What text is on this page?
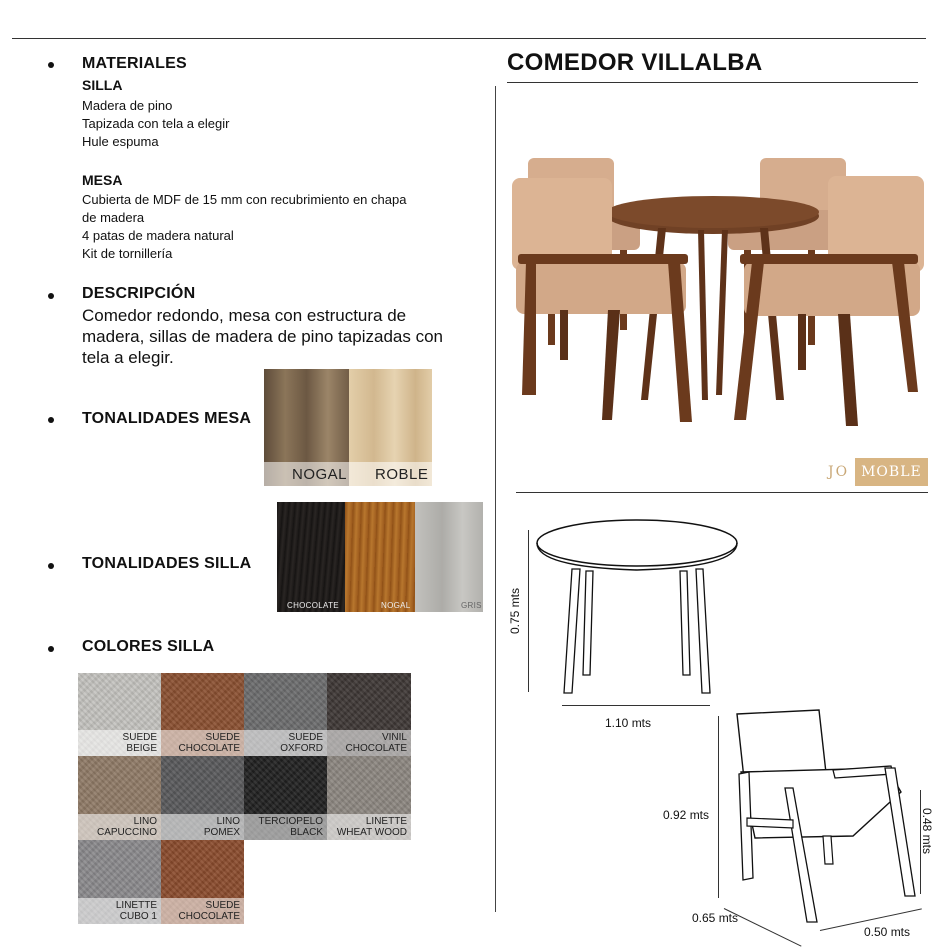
MATERIALES
SILLA
Madera de pino
Tapizada con tela a elegir
Hule espuma
MESA
Cubierta de MDF de 15 mm con recubrimiento en chapa
de madera
4 patas de madera natural
Kit de tornillería
DESCRIPCIÓN
Comedor redondo, mesa con estructura de
madera, sillas de madera de pino tapizadas con
tela a elegir.
TONALIDADES MESA
NOGAL ROBLE
TONALIDADES SILLA
CHOCOLATE	NOGAL	GRIS
COLORES SILLA
SUEDE
BEIGE
SUEDE
CHOCOLATE
SUEDE
OXFORD
VINIL
CHOCOLATE
LINO
CAPUCCINO
LINO
POMEX
TERCIOPELO
BLACK
LINETTE
WHEAT WOOD
LINETTE
CUBO 1
SUEDE
CHOCOLATE
COMEDOR VILLALBA
JO MOBLE
0.75 mts
1.10 mts
0.92 mts	0.48 mts
0.65 mts
0.50 mts
